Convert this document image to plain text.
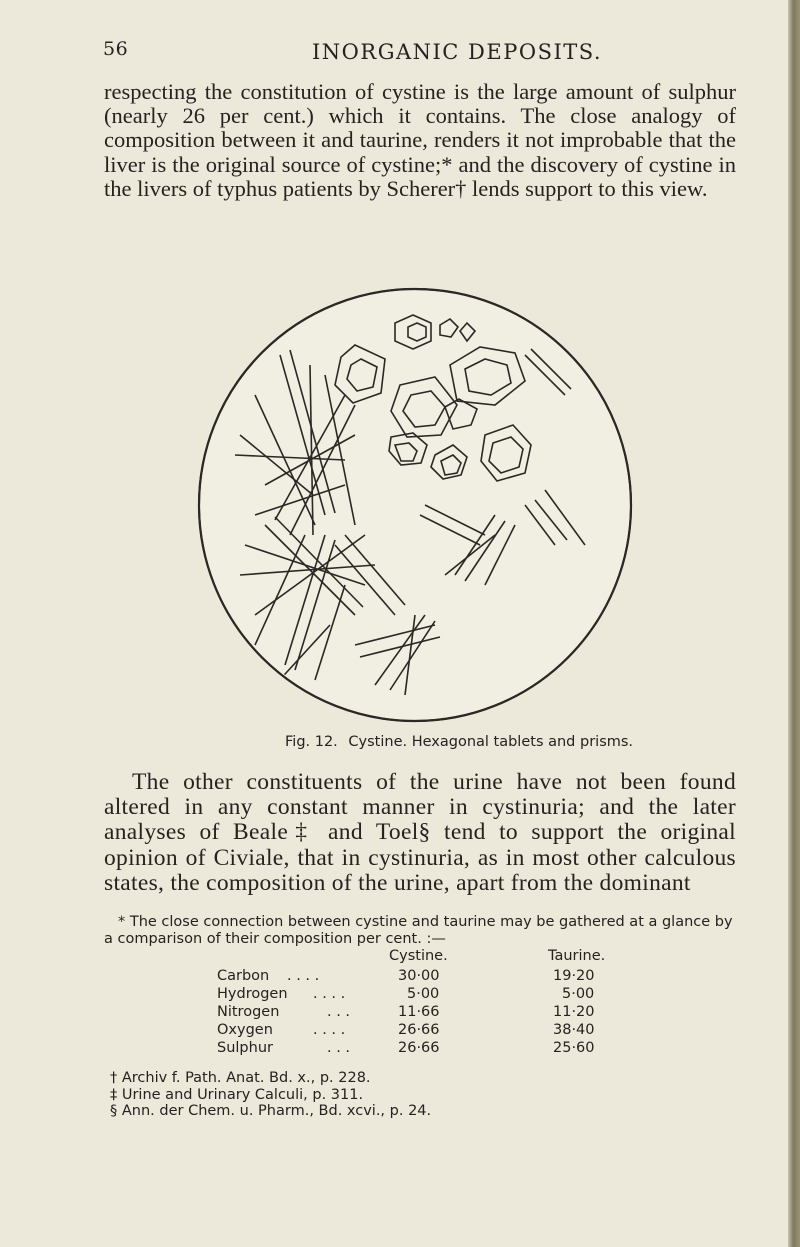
56	INORGANIC DEPOSITS.

respecting the constitution of cystine is the large amount of sulphur (nearly 26 per cent.) which it contains. The close analogy of composition between it and taurine, renders it not improbable that the liver is the original source of cystine;* and the discovery of cystine in the livers of typhus patients by Scherer† lends support to this view.

Fig. 12. Cystine. Hexagonal tablets and prisms.

The other constituents of the urine have not been found altered in any constant manner in cystinuria; and the later analyses of Beale‡ and Toel§ tend to support the original opinion of Civiale, that in cystinuria, as in most other calculous states, the composition of the urine, apart from the dominant

* The close connection between cystine and taurine may be gathered at a glance by a comparison of their composition per cent. :—

Cystine.	Taurine.
Carbon . . . .	30·00	19·20
Hydrogen . . . .	5·00	5·00
Nitrogen	. . .	11·66	11·20
Oxygen	. . . .	26·66	38·40
Sulphur	. . .	26·66	25·60
† Archiv f. Path. Anat. Bd. x., p. 228.
‡ Urine and Urinary Calculi, p. 311.
§ Ann. der Chem. u. Pharm., Bd. xcvi., p. 24.
